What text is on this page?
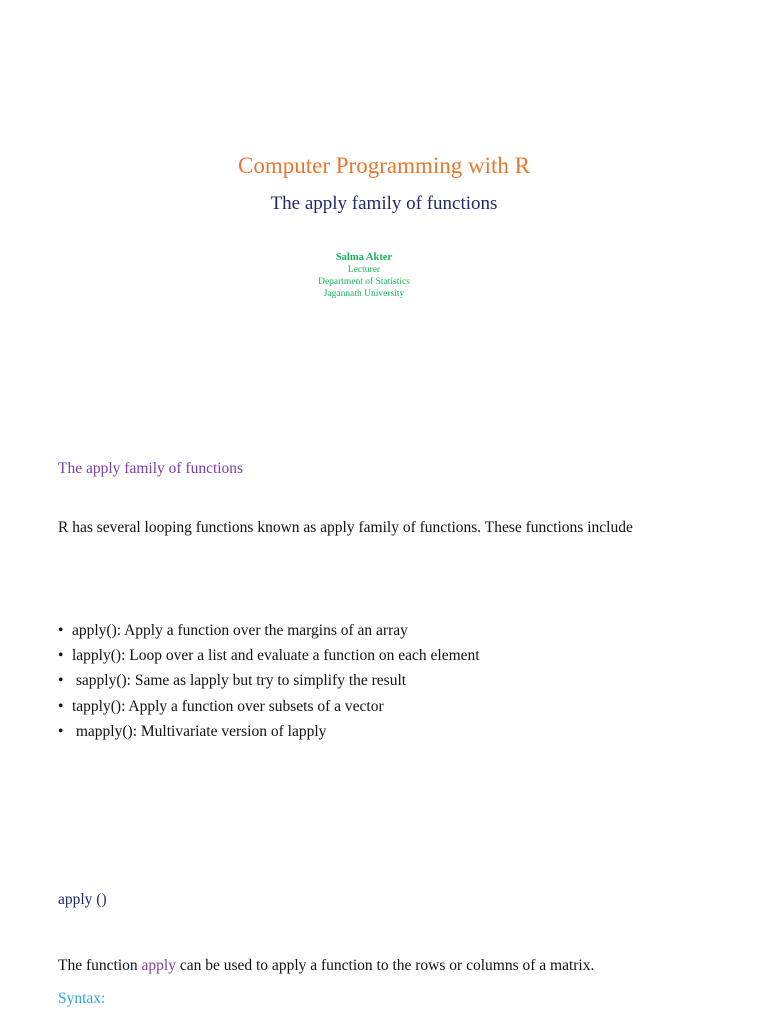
Computer Programming with R
The apply family of functions
Salma Akter
Lecturer
Department of Statistics
Jagannath University
The apply family of functions
R has several looping functions known as apply family of functions. These functions include
• apply(): Apply a function over the margins of an array
• lapply(): Loop over a list and evaluate a function on each element
• sapply(): Same as lapply but try to simplify the result
• tapply(): Apply a function over subsets of a vector
• mapply(): Multivariate version of lapply
apply ()
The function apply can be used to apply a function to the rows or columns of a matrix.
Syntax:
